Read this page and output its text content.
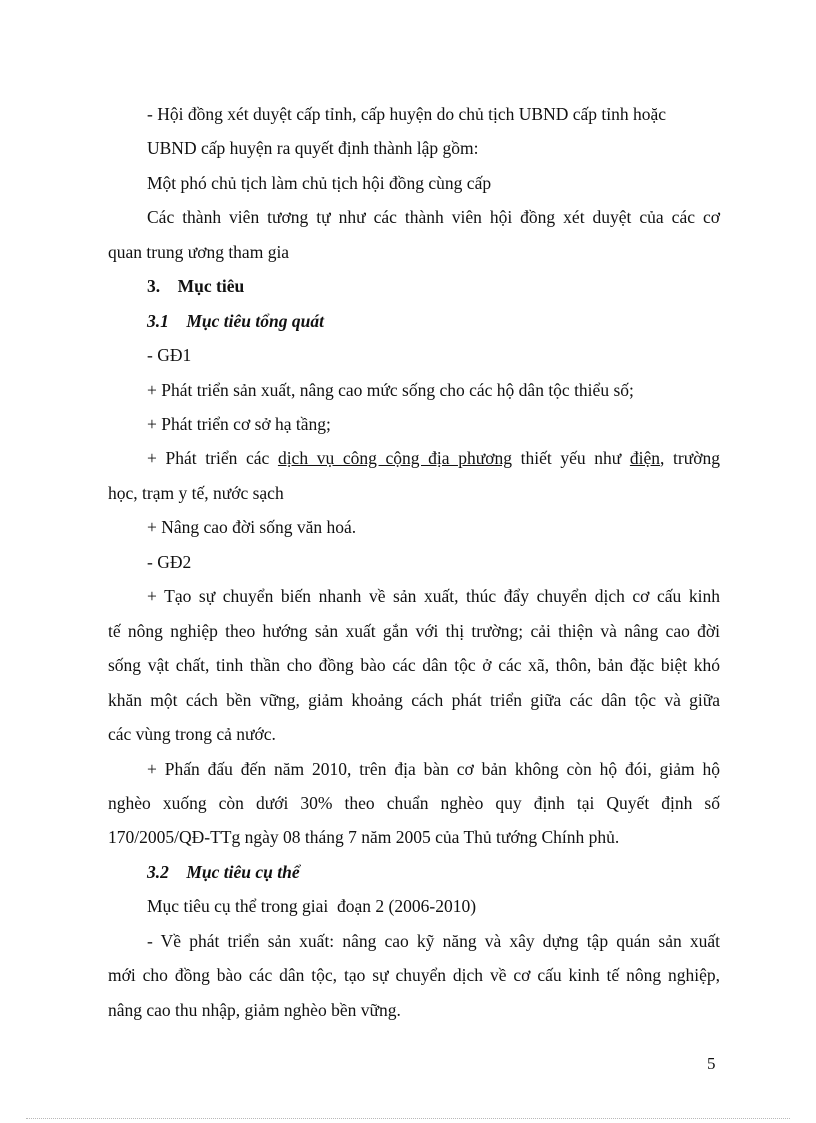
- Hội đồng xét duyệt cấp tỉnh, cấp huyện do chủ tịch UBND cấp tỉnh hoặc
UBND cấp huyện ra quyết định thành lập gồm:
Một phó chủ tịch làm chủ tịch hội đồng cùng cấp
Các thành viên tương tự như các thành viên hội đồng xét duyệt của các cơ
quan trung ương tham gia
3.    Mục tiêu
3.1    Mục tiêu tổng quát
- GĐ1
+ Phát triển sản xuất, nâng cao mức sống cho các hộ dân tộc thiểu số;
+ Phát triển cơ sở hạ tầng;
+ Phát triển các dịch vụ công cộng địa phương thiết yếu như điện, trường
học, trạm y tế, nước sạch
+ Nâng cao đời sống văn hoá.
- GĐ2
+ Tạo sự chuyển biến nhanh về sản xuất, thúc đẩy chuyển dịch cơ cấu kinh
tế nông nghiệp theo hướng sản xuất gắn với thị trường; cải thiện và nâng cao đời
sống vật chất, tinh thần cho đồng bào các dân tộc ở các xã, thôn, bản đặc biệt khó
khăn một cách bền vững, giảm khoảng cách phát triển giữa các dân tộc và giữa
các vùng trong cả nước.
+ Phấn đấu đến năm 2010, trên địa bàn cơ bản không còn hộ đói, giảm hộ
nghèo xuống còn dưới 30% theo chuẩn nghèo quy định tại Quyết định số
170/2005/QĐ-TTg ngày 08 tháng 7 năm 2005 của Thủ tướng Chính phủ.
3.2    Mục tiêu cụ thể
Mục tiêu cụ thể trong giai  đoạn 2 (2006-2010)
- Về phát triển sản xuất: nâng cao kỹ năng và xây dựng tập quán sản xuất
mới cho đồng bào các dân tộc, tạo sự chuyển dịch về cơ cấu kinh tế nông nghiệp,
nâng cao thu nhập, giảm nghèo bền vững.
5
